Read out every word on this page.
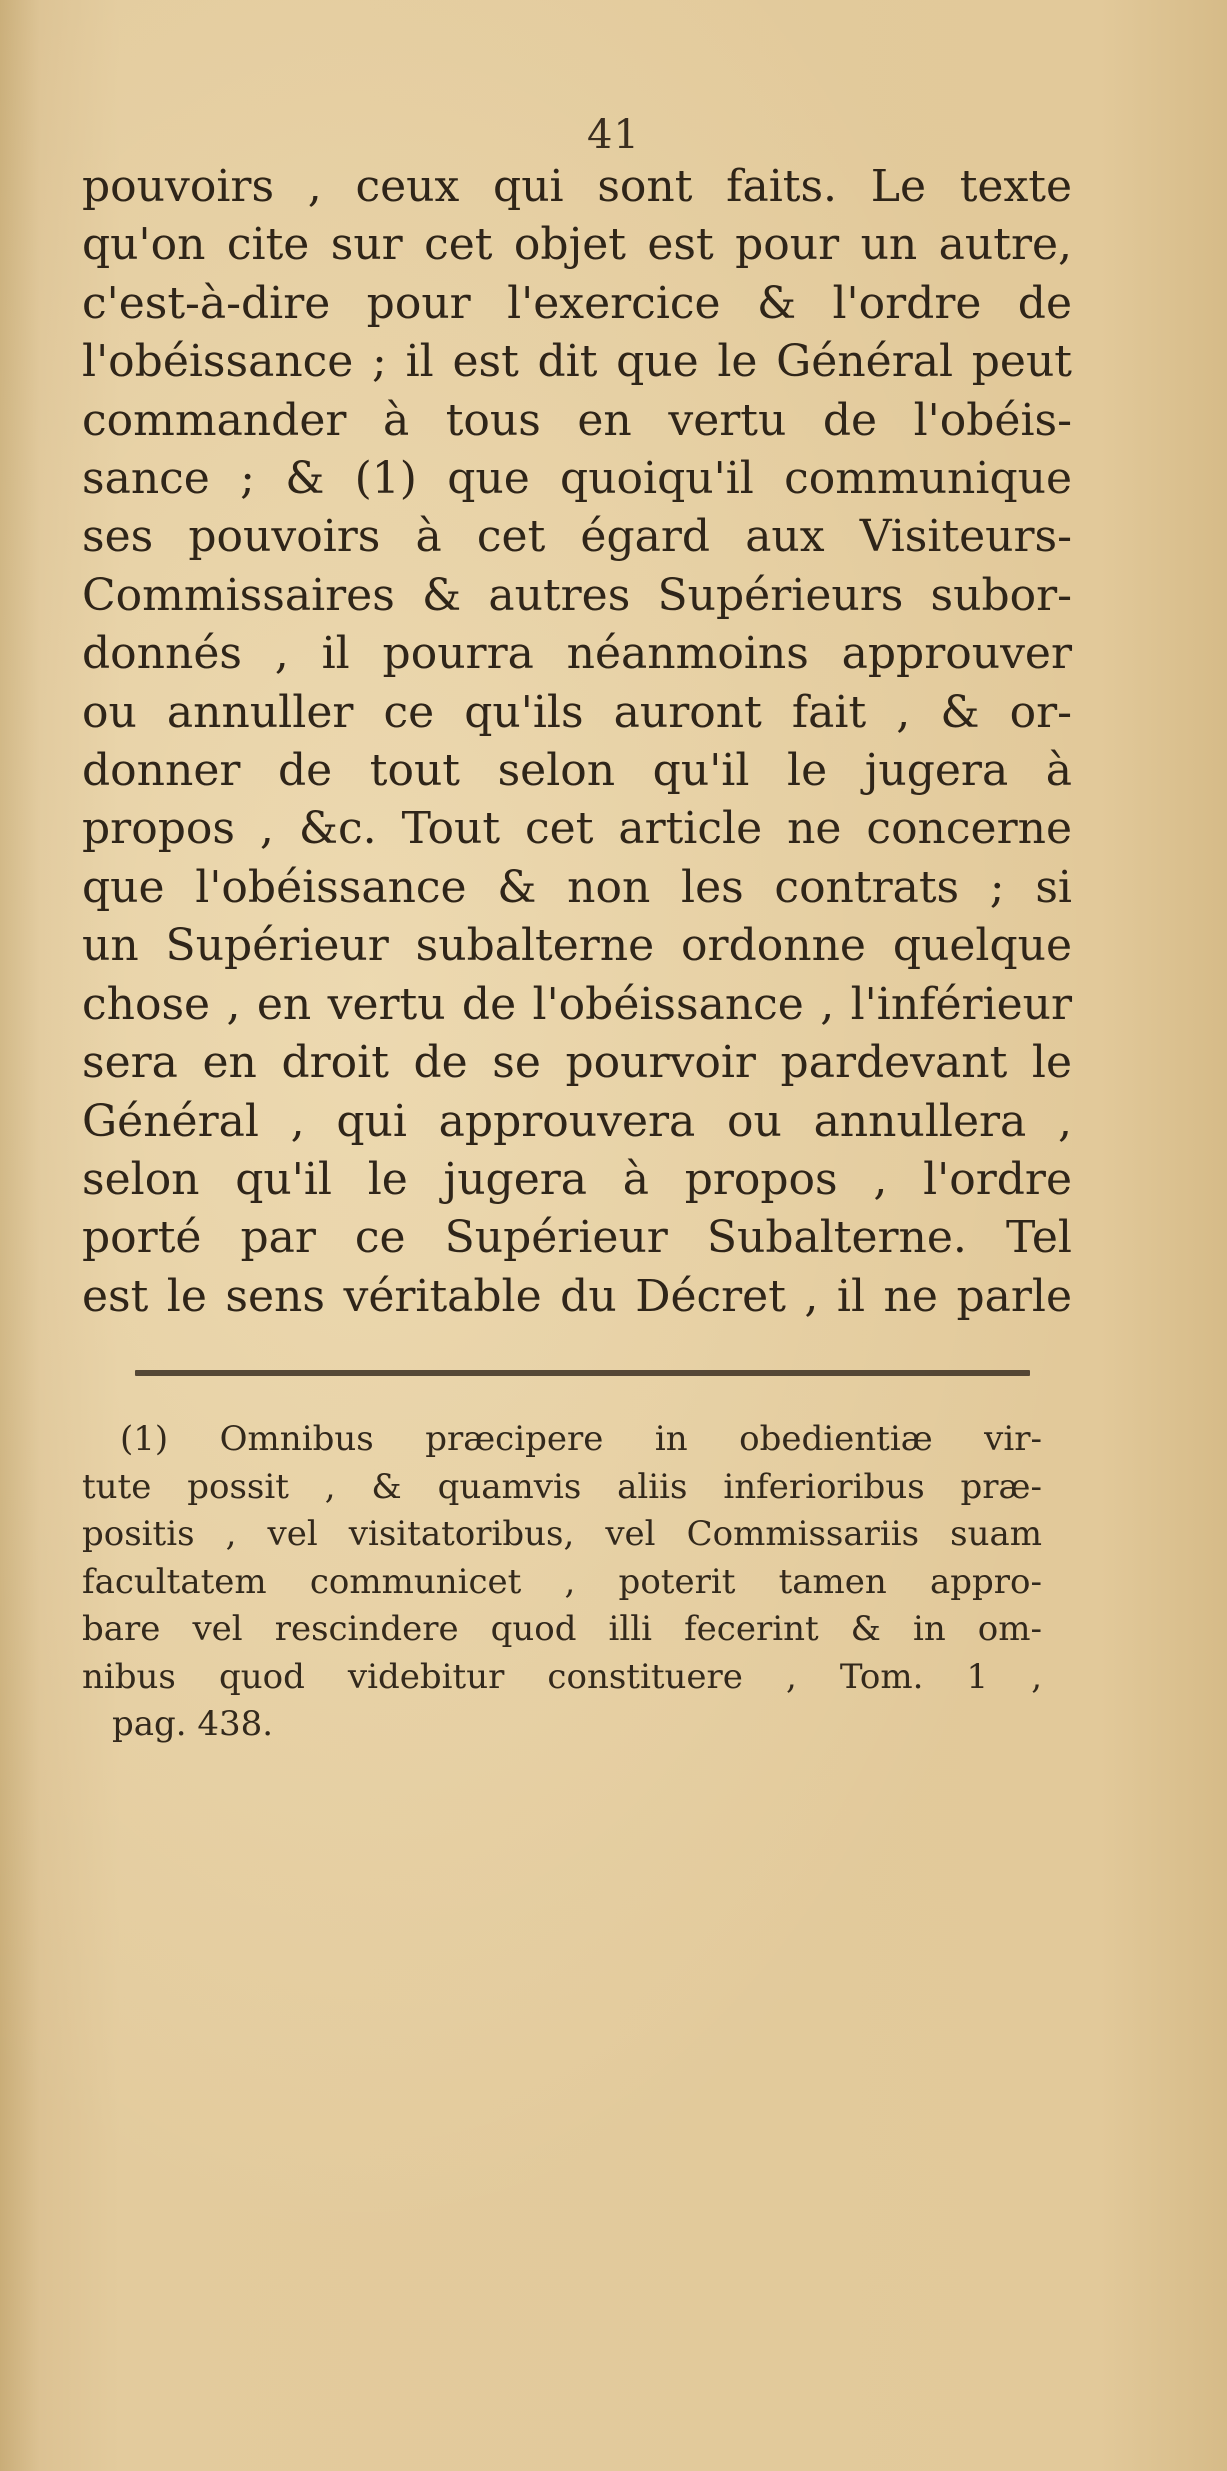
41
pouvoirs , ceux qui sont faits. Le texte
qu'on cite sur cet objet est pour un autre,
c'est-à-dire pour l'exercice & l'ordre de
l'obéissance ; il est dit que le Général peut
commander à tous en vertu de l'obéis-
sance ; & (1) que quoiqu'il communique
ses pouvoirs à cet égard aux Visiteurs-
Commissaires & autres Supérieurs subor-
donnés , il pourra néanmoins approuver
ou annuller ce qu'ils auront fait , & or-
donner de tout selon qu'il le jugera à
propos , &c. Tout cet article ne concerne
que l'obéissance & non les contrats ; si
un Supérieur subalterne ordonne quelque
chose , en vertu de l'obéissance , l'inférieur
sera en droit de se pourvoir pardevant le
Général , qui approuvera ou annullera ,
selon qu'il le jugera à propos , l'ordre
porté par ce Supérieur Subalterne. Tel
est le sens véritable du Décret , il ne parle
(1) Omnibus præcipere in obedientiæ vir-
tute possit , & quamvis aliis inferioribus præ-
positis , vel visitatoribus, vel Commissariis suam
facultatem communicet , poterit tamen appro-
bare vel rescindere quod illi fecerint & in om-
nibus quod videbitur constituere , Tom. 1 ,
pag. 438.
